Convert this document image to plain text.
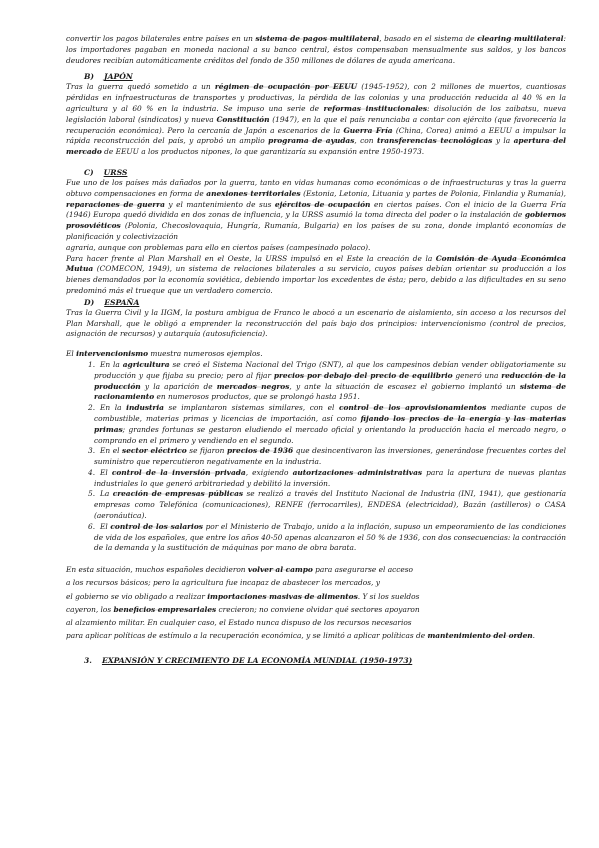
convertir los pagos bilaterales entre países en un sistema de pagos multilateral, basado en el sistema de clearing multilateral: los importadores pagaban en moneda nacional a su banco central, éstos compensaban mensualmente sus saldos, y los bancos deudores recibían automáticamente créditos del fondo de 350 millones de dólares de ayuda americana.

B) JAPÓN

Tras la guerra quedó sometido a un régimen de ocupación por EEUU (1945-1952), con 2 millones de muertos, cuantiosas pérdidas en infraestructuras de transportes y productivas, la pérdida de las colonias y una producción reducida al 40 % en la agricultura y al 60 % en la industria. Se impuso una serie de reformas institucionales: disolución de los zaibatsu, nueva legislación laboral (sindicatos) y nueva Constitución (1947), en la que el país renunciaba a contar con ejército (que favorecería la recuperación económica). Pero la cercanía de Japón a escenarios de la Guerra Fría (China, Corea) animó a EEUU a impulsar la rápida reconstrucción del país, y aprobó un amplio programa de ayudas, con transferencias tecnológicas y la apertura del mercado de EEUU a los productos nipones, lo que garantizaría su expansión entre 1950-1973.

C) URSS

Fue uno de los países más dañados por la guerra, tanto en vidas humanas como económicas o de infraestructuras y tras la guerra obtuvo compensaciones en forma de anexiones territoriales (Estonia, Letonia, Lituania y partes de Polonia, Finlandia y Rumanía), reparaciones de guerra y el mantenimiento de sus ejércitos de ocupación en ciertos países. Con el inicio de la Guerra Fría (1946) Europa quedó dividida en dos zonas de influencia, y la URSS asumió la toma directa del poder o la instalación de gobiernos prosoviéticos (Polonia, Checoslovaquia, Hungría, Rumanía, Bulgaria) en los países de su zona, donde implantó economías de planificación y colectivización

agraria, aunque con problemas para ello en ciertos países (campesinado polaco).

Para hacer frente al Plan Marshall en el Oeste, la URSS impulsó en el Este la creación de la Comisión de Ayuda Económica Mutua (COMECON, 1949), un sistema de relaciones bilaterales a su servicio, cuyos países debían orientar su producción a los bienes demandados por la economía soviética, debiendo importar los excedentes de ésta; pero, debido a las dificultades en su seno predominó más el trueque que un verdadero comercio.

D) ESPAÑA

Tras la Guerra Civil y la IIGM, la postura ambigua de Franco le abocó a un escenario de aislamiento, sin acceso a los recursos del Plan Marshall, que le obligó a emprender la reconstrucción del país bajo dos principios: intervencionismo (control de precios, asignación de recursos) y autarquía (autosuficiencia).

El intervencionismo muestra numerosos ejemplos.

1. En la agricultura se creó el Sistema Nacional del Trigo (SNT), al que los campesinos debían vender obligatoriamente su producción y que fijaba su precio; pero al fijar precios por debajo del precio de equilibrio generó una reducción de la producción y la aparición de mercados negros, y ante la situación de escasez el gobierno implantó un sistema de racionamiento en numerosos productos, que se prolongó hasta 1951.

2. En la industria se implantaron sistemas similares, con el control de los aprovisionamientos mediante cupos de combustible, materias primas y licencias de importación, así como fijando los precios de la energía y las materias primas; grandes fortunas se gestaron eludiendo el mercado oficial y orientando la producción hacia el mercado negro, o comprando en el primero y vendiendo en el segundo.

3. En el sector eléctrico se fijaron precios de 1936 que desincentivaron las inversiones, generándose frecuentes cortes del suministro que repercutieron negativamente en la industria.

4. El control de la inversión privada, exigiendo autorizaciones administrativas para la apertura de nuevas plantas industriales lo que generó arbitrariedad y debilitó la inversión.

5. La creación de empresas públicas se realizó a través del Instituto Nacional de Industria (INI, 1941), que gestionaría empresas como Telefónica (comunicaciones), RENFE (ferrocarriles), ENDESA (electricidad), Bazán (astilleros) o CASA (aeronáutica).

6. El control de los salarios por el Ministerio de Trabajo, unido a la inflación, supuso un empeoramiento de las condiciones de vida de los españoles, que entre los años 40-50 apenas alcanzaron el 50 % de 1936, con dos consecuencias: la contracción de la demanda y la sustitución de máquinas por mano de obra barata.

En esta situación, muchos españoles decidieron volver al campo para asegurarse el acceso
a los recursos básicos; pero la agricultura fue incapaz de abastecer los mercados, y
el gobierno se vio obligado a realizar importaciones masivas de alimentos. Y si los sueldos
cayeron, los beneficios empresariales crecieron; no conviene olvidar qué sectores apoyaron
al alzamiento militar. En cualquier caso, el Estado nunca dispuso de los recursos necesarios
para aplicar políticas de estímulo a la recuperación económica, y se limitó a aplicar políticas de mantenimiento del orden.
3. EXPANSIÓN Y CRECIMIENTO DE LA ECONOMÍA MUNDIAL (1950-1973)
